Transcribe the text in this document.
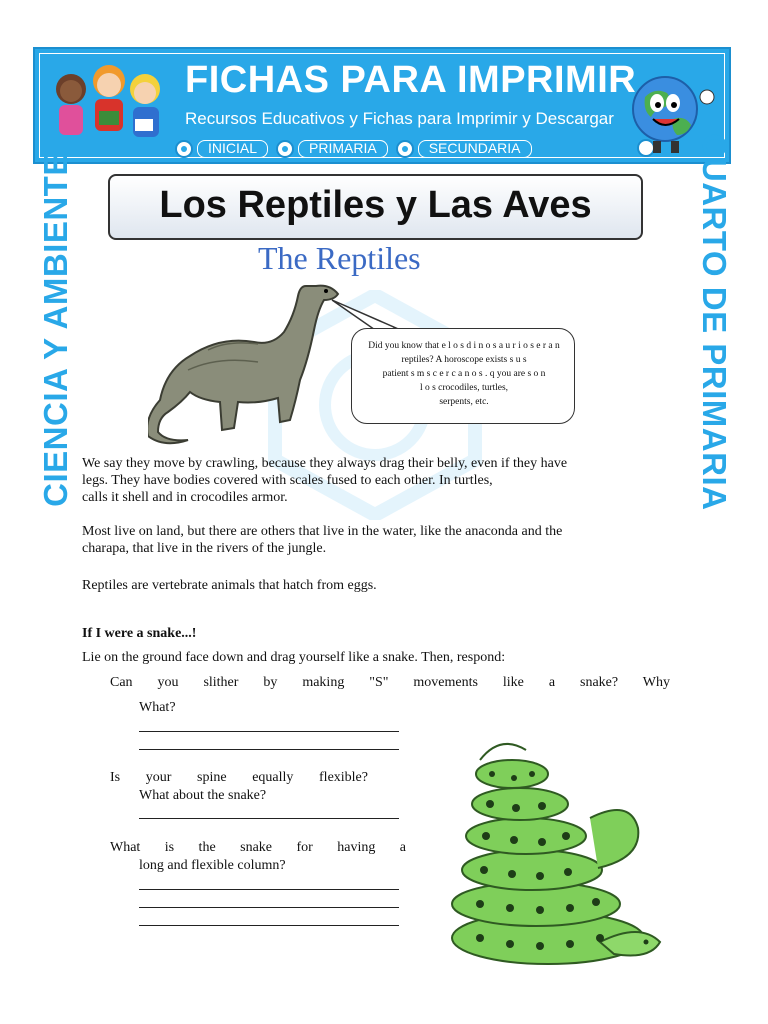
FICHAS PARA IMPRIMIR
Recursos Educativos y Fichas para Imprimir y Descargar
INICIAL	PRIMARIA	SECUNDARIA
CIENCIA Y AMBIENTE	CUARTO DE PRIMARIA
Los Reptiles y Las Aves
The Reptiles
Did you know that e l o s d i n o s a u r i o s e r a n
reptiles? A horoscope exists s u s
patient s m s c e r c a n o s . q you are s o n
l o s crocodiles, turtles,
serpents, etc.
We say they move by crawling, because they always drag their belly, even if they have
legs. They have bodies covered with scales fused to each other. In turtles,
calls it shell and in crocodiles armor.
Most live on land, but there are others that live in the water, like the anaconda and the
charapa, that live in the rivers of the jungle.
Reptiles are vertebrate animals that hatch from eggs.
If I were a snake...!
Lie on the ground face down and drag yourself like a snake. Then, respond:
Can you slither by making "S" movements like a snake? Why
What?
Is your spine equally flexible?
What about the snake?
What is the snake for having a
long and flexible column?
